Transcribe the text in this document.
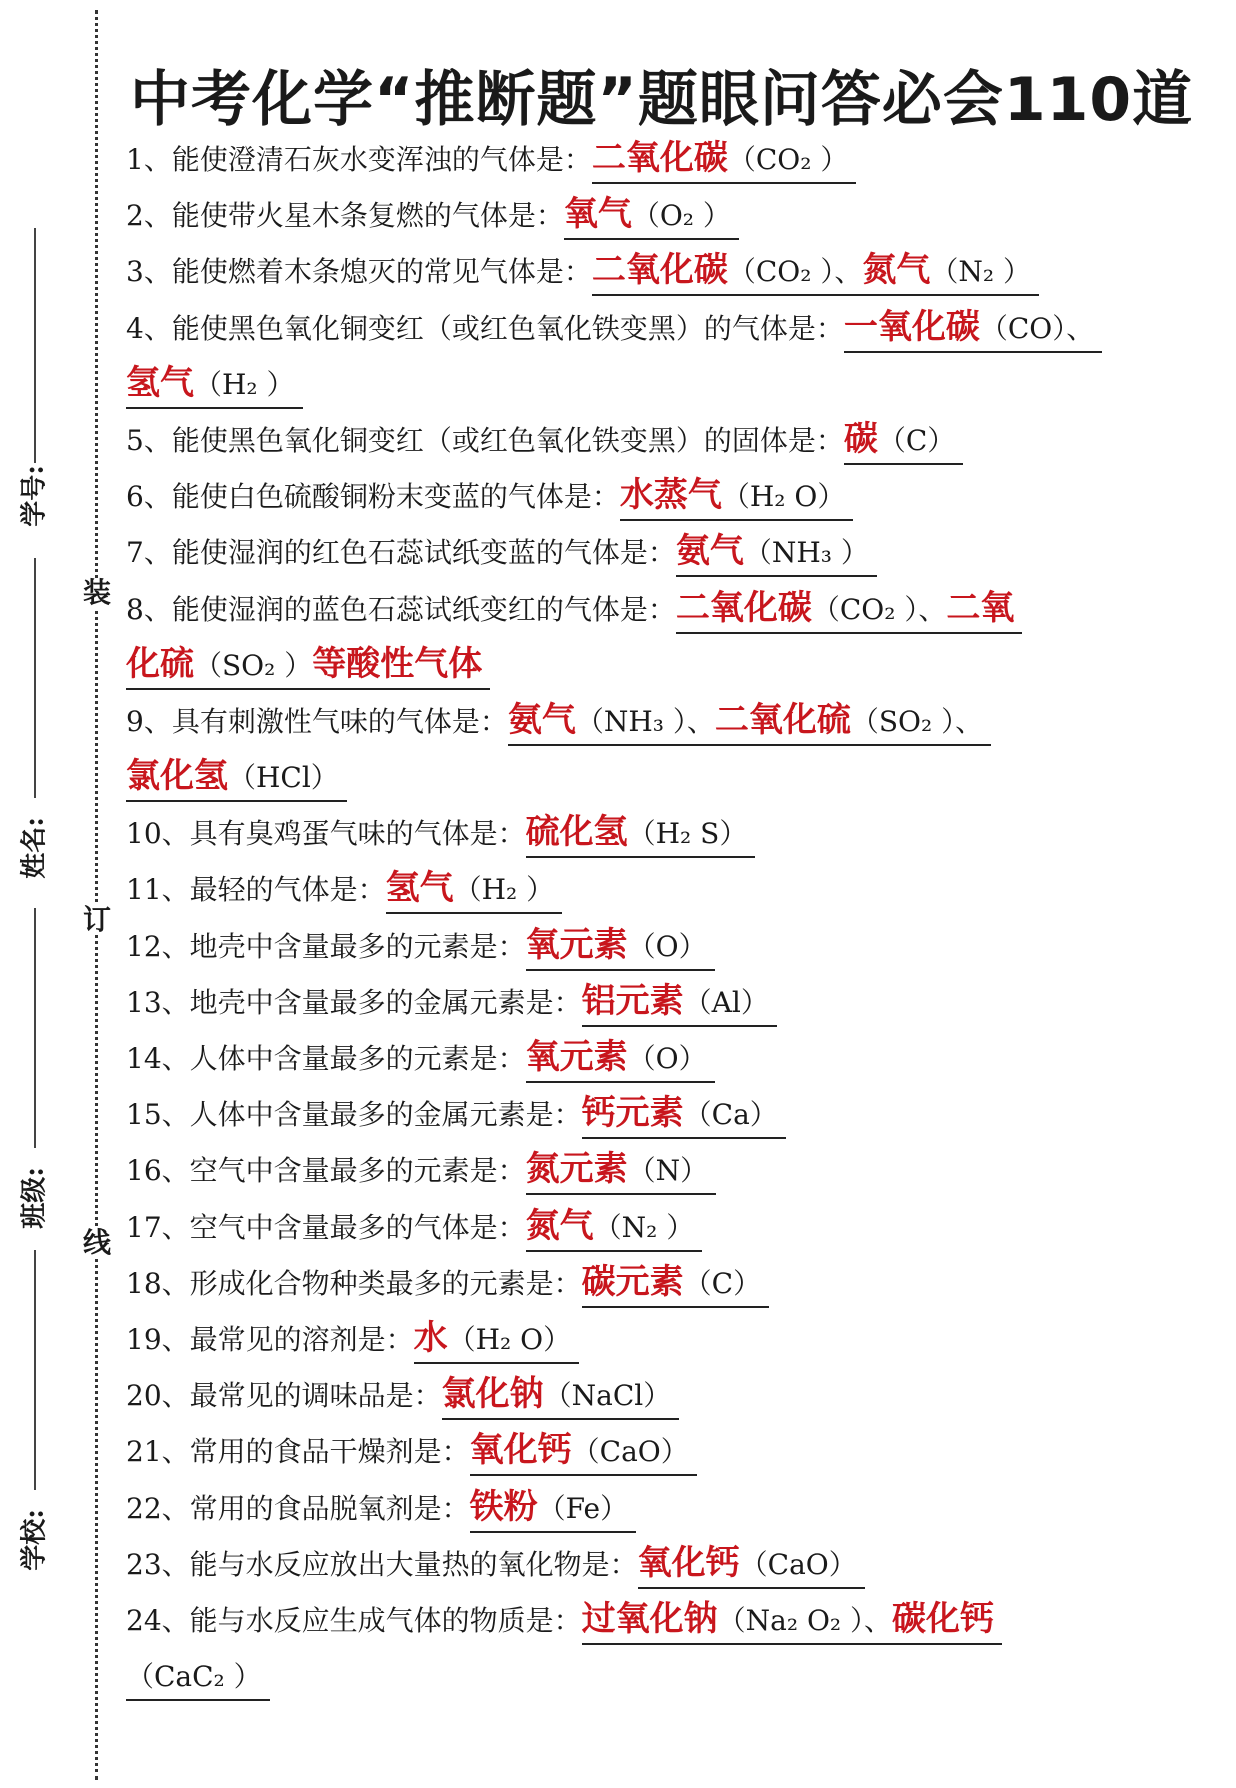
装
订
线
学号:
姓名:
班级:
学校:
中考化学“推断题”题眼问答必会110道
1、能使澄清石灰水变浑浊的气体是：二氧化碳（CO₂ ）
2、能使带火星木条复燃的气体是：氧气（O₂ ）
3、能使燃着木条熄灭的常见气体是：二氧化碳（CO₂ ）、氮气（N₂ ）
4、能使黑色氧化铜变红（或红色氧化铁变黑）的气体是：一氧化碳（CO）、
氢气（H₂ ）
5、能使黑色氧化铜变红（或红色氧化铁变黑）的固体是：碳（C）
6、能使白色硫酸铜粉末变蓝的气体是：水蒸气（H₂ O）
7、能使湿润的红色石蕊试纸变蓝的气体是：氨气（NH₃ ）
8、能使湿润的蓝色石蕊试纸变红的气体是：二氧化碳（CO₂ ）、二氧
化硫（SO₂ ）等酸性气体
9、具有刺激性气味的气体是：氨气（NH₃ ）、二氧化硫（SO₂ ）、
氯化氢（HCl）
10、具有臭鸡蛋气味的气体是：硫化氢（H₂ S）
11、最轻的气体是：氢气（H₂ ）
12、地壳中含量最多的元素是：氧元素（O）
13、地壳中含量最多的金属元素是：铝元素（Al）
14、人体中含量最多的元素是：氧元素（O）
15、人体中含量最多的金属元素是：钙元素（Ca）
16、空气中含量最多的元素是：氮元素（N）
17、空气中含量最多的气体是：氮气（N₂ ）
18、形成化合物种类最多的元素是：碳元素（C）
19、最常见的溶剂是：水（H₂ O）
20、最常见的调味品是：氯化钠（NaCl）
21、常用的食品干燥剂是：氧化钙（CaO）
22、常用的食品脱氧剂是：铁粉（Fe）
23、能与水反应放出大量热的氧化物是：氧化钙（CaO）
24、能与水反应生成气体的物质是：过氧化钠（Na₂ O₂ ）、碳化钙
（CaC₂ ）
